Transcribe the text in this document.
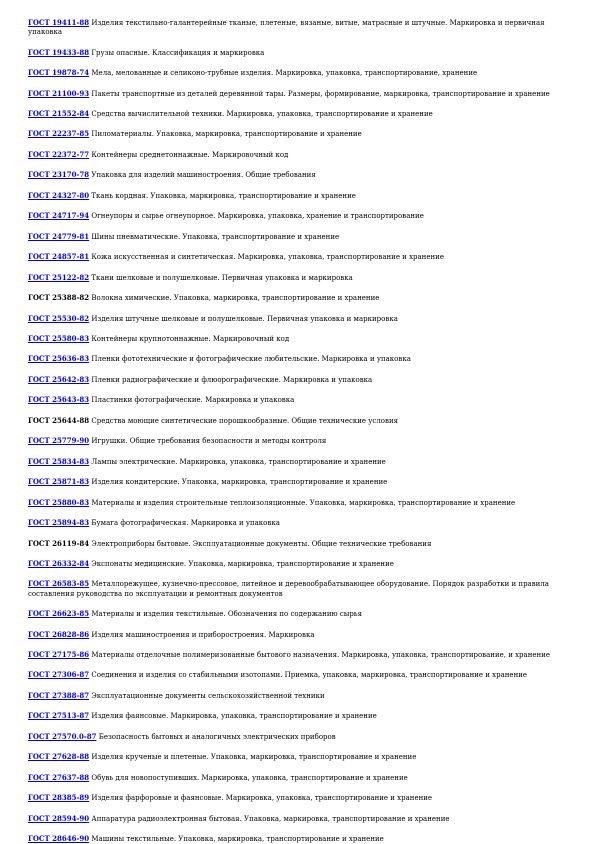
ГОСТ 19411-88 Изделия текстильно-галантерейные тканые, плетеные, вязаные, витые, матрасные и штучные. Маркировка и первичная упаковка
ГОСТ 19433-88 Грузы опасные. Классификация и маркировка
ГОСТ 19878-74 Мела, мелованные и селиконо-трубные изделия. Маркировка, упаковка, транспортирование, хранение
ГОСТ 21100-93 Пакеты транспортные из деталей деревянной тары. Размеры, формирование, маркировка, транспортирование и хранение
ГОСТ 21552-84 Средства вычислительной техники. Маркировка, упаковка, транспортирование и хранение
ГОСТ 22237-85 Пиломатериалы. Упаковка, маркировка, транспортирование и хранение
ГОСТ 22372-77 Контейнеры среднетоннажные. Маркировочный код
ГОСТ 23170-78 Упаковка для изделий машиностроения. Общие требования
ГОСТ 24327-80 Ткань кордная. Упаковка, маркировка, транспортирование и хранение
ГОСТ 24717-94 Огнеупоры и сырье огнеупорное. Маркировка, упаковка, хранение и транспортирование
ГОСТ 24779-81 Шины пневматические. Упаковка, транспортирование и хранение
ГОСТ 24857-81 Кожа искусственная и синтетическая. Маркировка, упаковка, транспортирование и хранение
ГОСТ 25122-82 Ткани шелковые и полушелковые. Первичная упаковка и маркировка
ГОСТ 25388-82 Волокна химические. Упаковка, маркировка, транспортирование и хранение
ГОСТ 25530-82 Изделия штучные шелковые и полушелковые. Первичная упаковка и маркировка
ГОСТ 25580-83 Контейнеры крупнотоннажные. Маркировочный код
ГОСТ 25636-83 Пленки фототехнические и фотографические любительские. Маркировка и упаковка
ГОСТ 25642-83 Пленки радиографические и флюорографические. Маркировка и упаковка
ГОСТ 25643-83 Пластинки фотографические. Маркировка и упаковка
ГОСТ 25644-88 Средства моющие синтетические порошкообразные. Общие технические условия
ГОСТ 25779-90 Игрушки. Общие требования безопасности и методы контроля
ГОСТ 25834-83 Лампы электрические. Маркировка, упаковка, транспортирование и хранение
ГОСТ 25871-83 Изделия кондитерские. Упаковка, маркировка, транспортирование и хранение
ГОСТ 25880-83 Материалы и изделия строительные теплоизоляционные. Упаковка, маркировка, транспортирование и хранение
ГОСТ 25894-83 Бумага фотографическая. Маркировка и упаковка
ГОСТ 26119-84 Электроприборы бытовые. Эксплуатационные документы. Общие технические требования
ГОСТ 26332-84 Экспонаты медицинские. Упаковка, маркировка, транспортирование и хранение
ГОСТ 26583-85 Металлорежущее, кузнечно-прессовое, литейное и деревообрабатывающее оборудование. Порядок разработки и правила составления руководства по эксплуатации и ремонтных документов
ГОСТ 26623-85 Материалы и изделия текстильные. Обозначения по содержанию сырья
ГОСТ 26828-86 Изделия машиностроения и приборостроения. Маркировка
ГОСТ 27175-86 Материалы отделочные полимеризованные бытового назначения. Маркировка, упаковка, транспортирование, и хранение
ГОСТ 27306-87 Соединения и изделия со стабильными изотопами. Приемка, упаковка, маркировка, транспортирование и хранение
ГОСТ 27388-87 Эксплуатационные документы сельскохозяйственной техники
ГОСТ 27513-87 Изделия фаянсовые. Маркировка, упаковка, транспортирование и хранение
ГОСТ 27570.0-87 Безопасность бытовых и аналогичных электрических приборов
ГОСТ 27628-88 Изделия крученые и плетеные. Упаковка, маркировка, транспортирование и хранение
ГОСТ 27637-88 Обувь для новопоступивших. Маркировка, упаковка, транспортирование и хранение
ГОСТ 28385-89 Изделия фарфоровые и фаянсовые. Маркировка, упаковка, транспортирование и хранение
ГОСТ 28594-90 Аппаратура радиоэлектронная бытовая. Упаковка, маркировка, транспортирование и хранение
ГОСТ 28646-90 Машины текстильные. Упаковка, маркировка, транспортирование и хранение
